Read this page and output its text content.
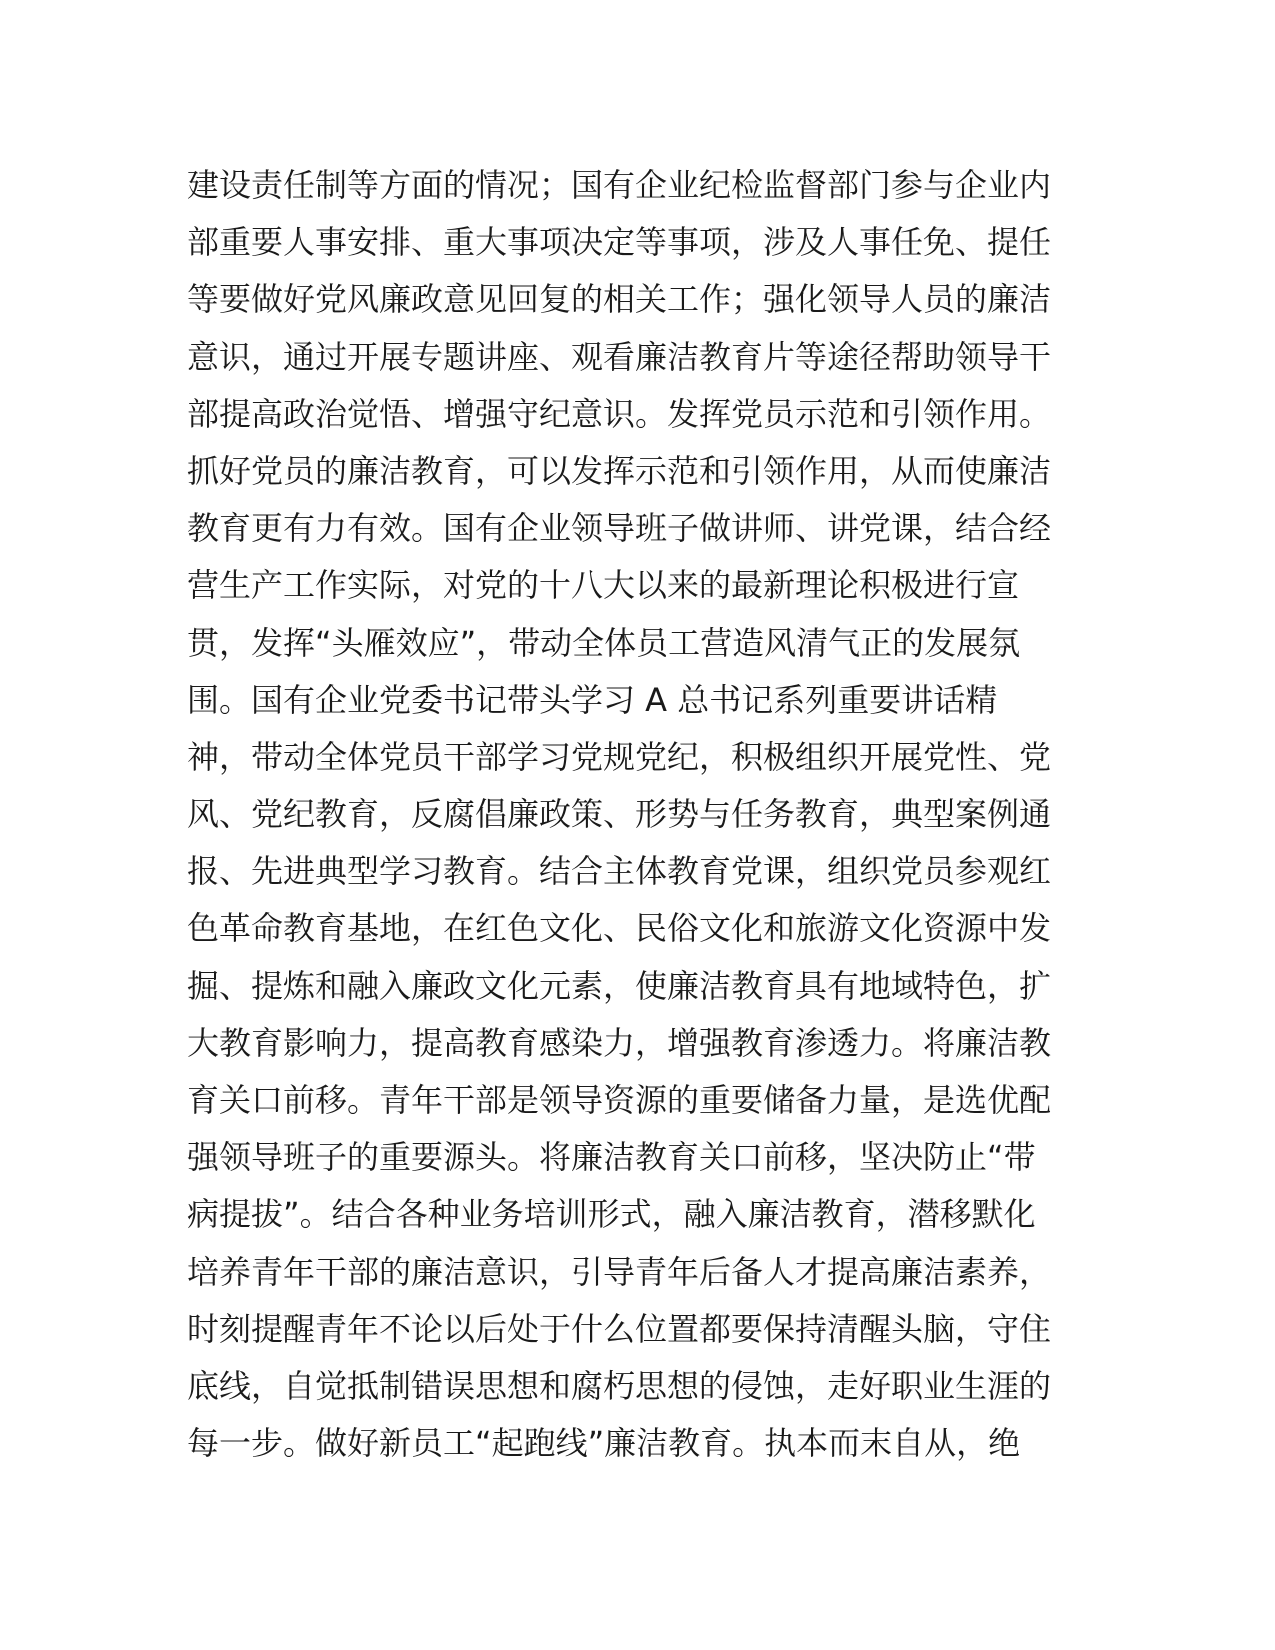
建设责任制等方面的情况；国有企业纪检监督部门参与企业内
部重要人事安排、重大事项决定等事项，涉及人事任免、提任
等要做好党风廉政意见回复的相关工作；强化领导人员的廉洁
意识，通过开展专题讲座、观看廉洁教育片等途径帮助领导干
部提高政治觉悟、增强守纪意识。发挥党员示范和引领作用。
抓好党员的廉洁教育，可以发挥示范和引领作用，从而使廉洁
教育更有力有效。国有企业领导班子做讲师、讲党课，结合经
营生产工作实际，对党的十八大以来的最新理论积极进行宣
贯，发挥“头雁效应”，带动全体员工营造风清气正的发展氛
围。国有企业党委书记带头学习 A 总书记系列重要讲话精
神，带动全体党员干部学习党规党纪，积极组织开展党性、党
风、党纪教育，反腐倡廉政策、形势与任务教育，典型案例通
报、先进典型学习教育。结合主体教育党课，组织党员参观红
色革命教育基地，在红色文化、民俗文化和旅游文化资源中发
掘、提炼和融入廉政文化元素，使廉洁教育具有地域特色，扩
大教育影响力，提高教育感染力，增强教育渗透力。将廉洁教
育关口前移。青年干部是领导资源的重要储备力量，是选优配
强领导班子的重要源头。将廉洁教育关口前移，坚决防止“带
病提拔”。结合各种业务培训形式，融入廉洁教育，潜移默化
培养青年干部的廉洁意识，引导青年后备人才提高廉洁素养，
时刻提醒青年不论以后处于什么位置都要保持清醒头脑，守住
底线，自觉抵制错误思想和腐朽思想的侵蚀，走好职业生涯的
每一步。做好新员工“起跑线”廉洁教育。执本而末自从，绝
